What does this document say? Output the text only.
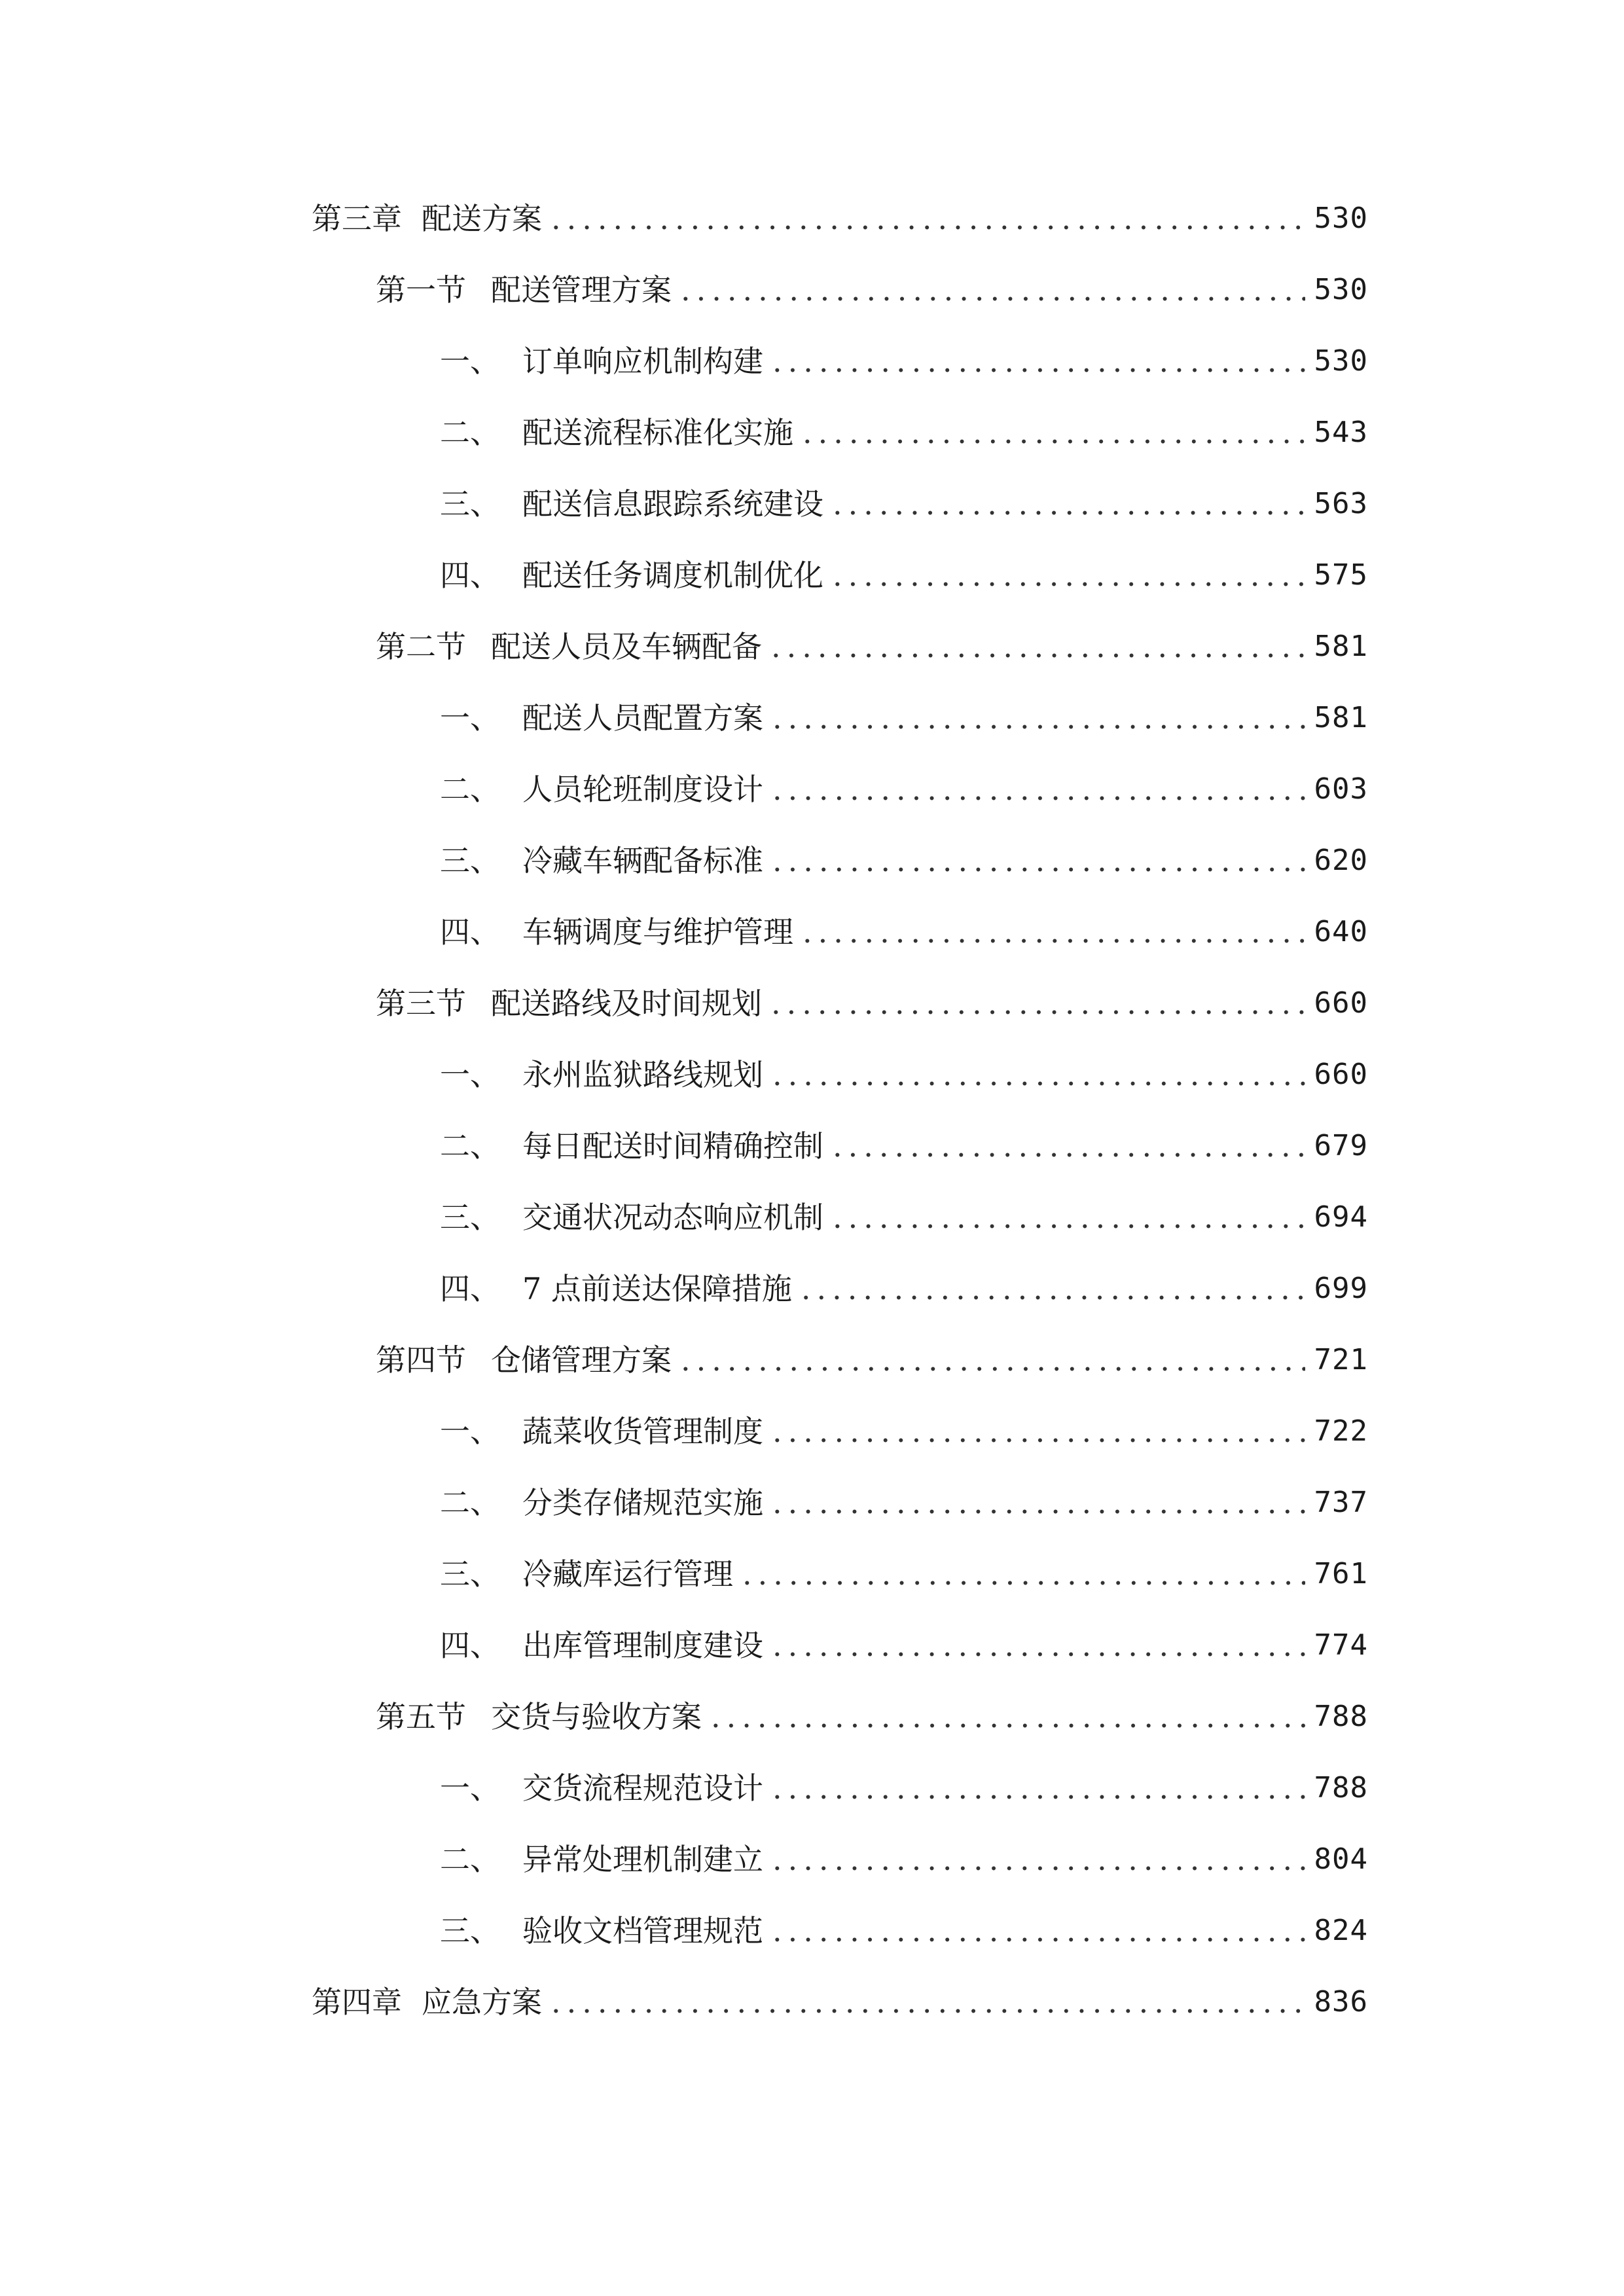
第三章 配送方案 .....	530
第一节 配送管理方案 .....	530
一、 订单响应机制构建 .....	530
二、 配送流程标准化实施 .....	543
三、 配送信息跟踪系统建设 .....	563
四、 配送任务调度机制优化 .....	575
第二节 配送人员及车辆配备 .....	581
一、 配送人员配置方案 .....	581
二、 人员轮班制度设计 .....	603
三、 冷藏车辆配备标准 .....	620
四、 车辆调度与维护管理 .....	640
第三节 配送路线及时间规划 .....	660
一、 永州监狱路线规划 .....	660
二、 每日配送时间精确控制 .....	679
三、 交通状况动态响应机制 .....	694
四、 7 点前送达保障措施 .....	699
第四节 仓储管理方案 .....	721
一、 蔬菜收货管理制度 .....	722
二、 分类存储规范实施 .....	737
三、 冷藏库运行管理 .....	761
四、 出库管理制度建设 .....	774
第五节 交货与验收方案 .....	788
一、 交货流程规范设计 .....	788
二、 异常处理机制建立 .....	804
三、 验收文档管理规范 .....	824
第四章 应急方案 .....	836
